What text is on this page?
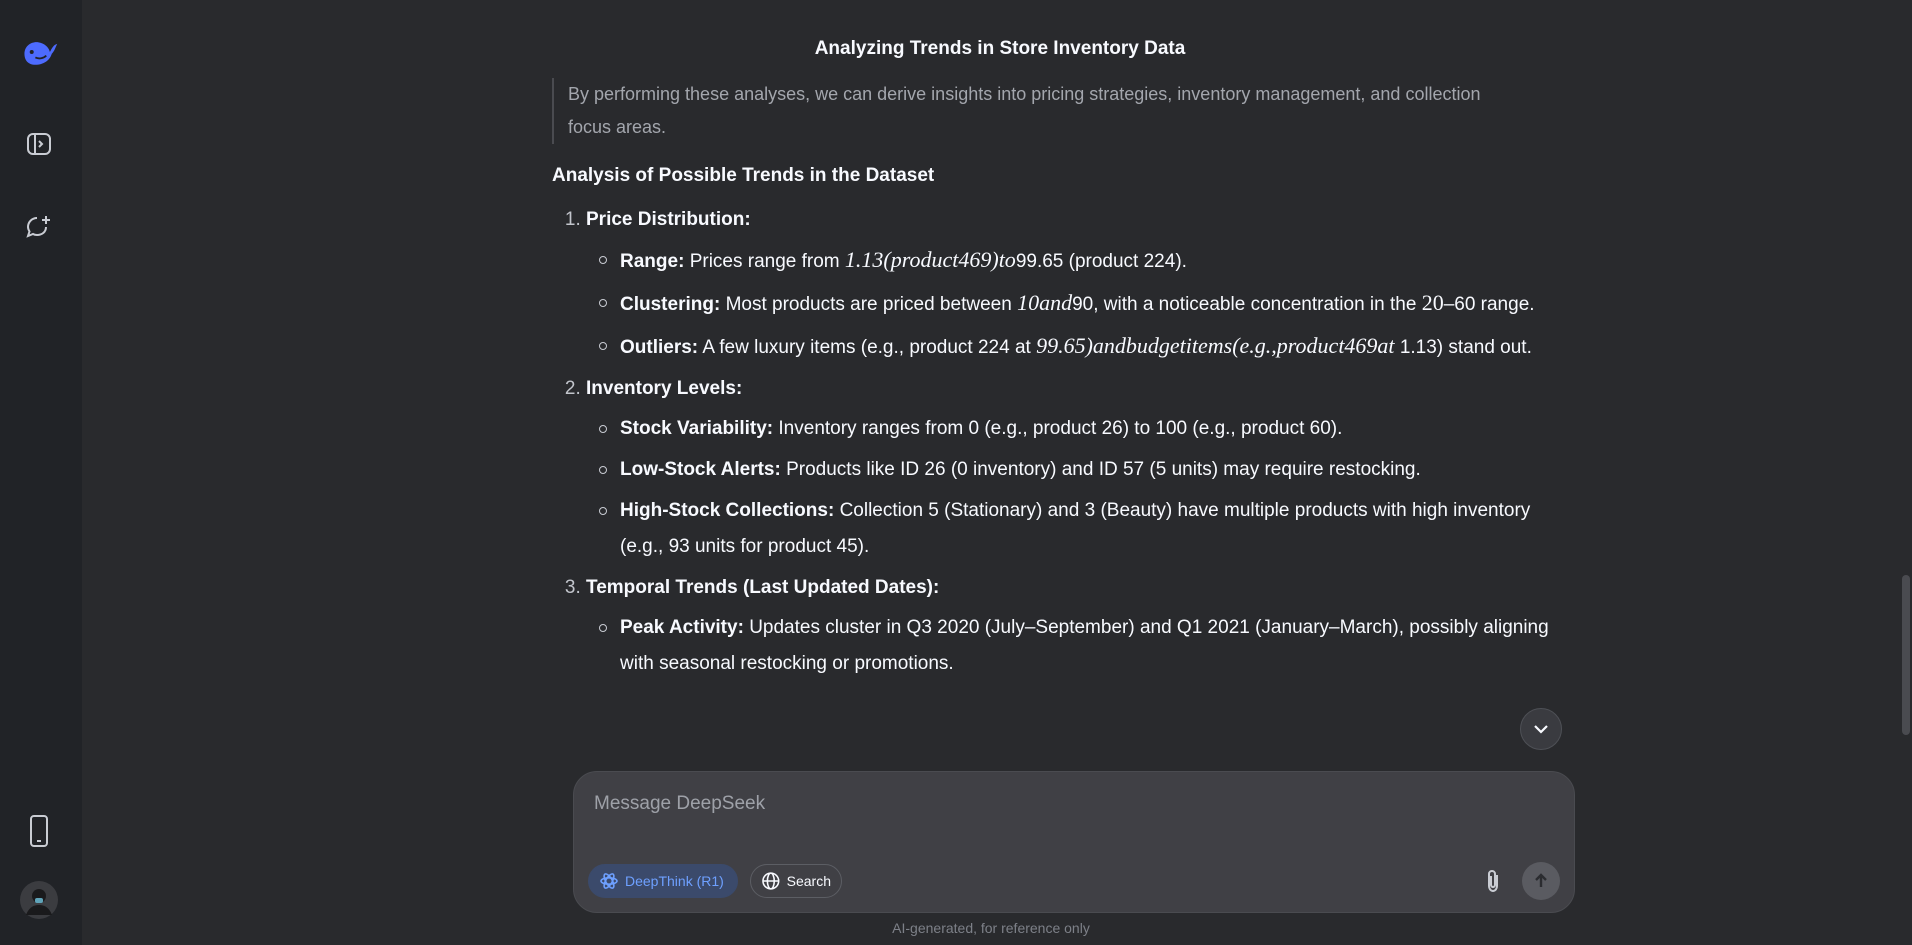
Analyzing Trends in Store Inventory Data
By performing these analyses, we can derive insights into pricing strategies, inventory management, and collection focus areas.
Analysis of Possible Trends in the Dataset
1. Price Distribution:
Range: Prices range from 1.13(product469)to99.65 (product 224).
Clustering: Most products are priced between 10and90, with a noticeable concentration in the 20–60 range.
Outliers: A few luxury items (e.g., product 224 at 99.65)andbudgetitems(e.g.,product469at 1.13) stand out.
2. Inventory Levels:
Stock Variability: Inventory ranges from 0 (e.g., product 26) to 100 (e.g., product 60).
Low-Stock Alerts: Products like ID 26 (0 inventory) and ID 57 (5 units) may require restocking.
High-Stock Collections: Collection 5 (Stationary) and 3 (Beauty) have multiple products with high inventory (e.g., 93 units for product 45).
3. Temporal Trends (Last Updated Dates):
Peak Activity: Updates cluster in Q3 2020 (July–September) and Q1 2021 (January–March), possibly aligning with seasonal restocking or promotions.
Message DeepSeek
DeepThink (R1)	Search
AI-generated, for reference only
